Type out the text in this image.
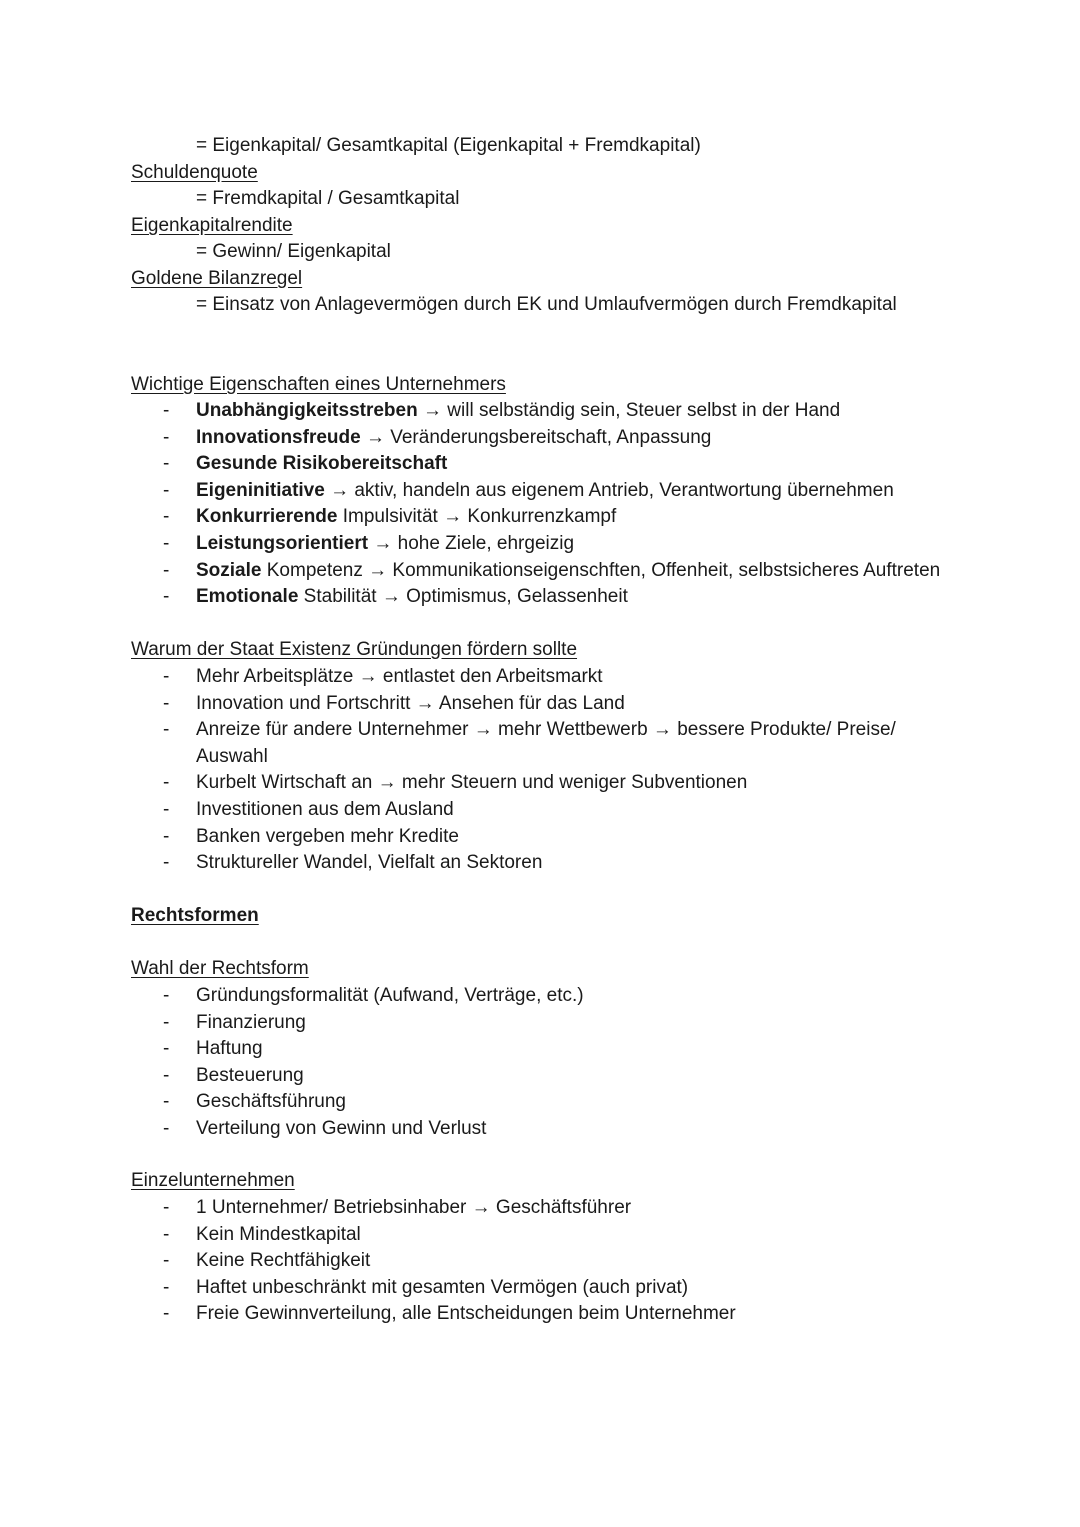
= Eigenkapital/ Gesamtkapital (Eigenkapital + Fremdkapital)
Schuldenquote
= Fremdkapital / Gesamtkapital
Eigenkapitalrendite
= Gewinn/ Eigenkapital
Goldene Bilanzregel
= Einsatz von Anlagevermögen durch EK und Umlaufvermögen durch Fremdkapital
Wichtige Eigenschaften eines Unternehmers
Warum der Staat Existenz Gründungen fördern sollte
Rechtsformen
Wahl der Rechtsform
Einzelunternehmen
- Unabhängigkeitsstreben → will selbständig sein, Steuer selbst in der Hand
- Innovationsfreude → Veränderungsbereitschaft, Anpassung
- Gesunde Risikobereitschaft
- Eigeninitiative → aktiv, handeln aus eigenem Antrieb, Verantwortung übernehmen
- Konkurrierende Impulsivität → Konkurrenzkampf
- Leistungsorientiert → hohe Ziele, ehrgeizig
- Soziale Kompetenz → Kommunikationseigenschften, Offenheit, selbstsicheres Auftreten
- Emotionale Stabilität → Optimismus, Gelassenheit
- Mehr Arbeitsplätze → entlastet den Arbeitsmarkt
- Innovation und Fortschritt → Ansehen für das Land
- Anreize für andere Unternehmer → mehr Wettbewerb → bessere Produkte/ Preise/
Auswahl
- Kurbelt Wirtschaft an → mehr Steuern und weniger Subventionen
- Investitionen aus dem Ausland
- Banken vergeben mehr Kredite
- Struktureller Wandel, Vielfalt an Sektoren
- Gründungsformalität (Aufwand, Verträge, etc.)
- Finanzierung
- Haftung
- Besteuerung
- Geschäftsführung
- Verteilung von Gewinn und Verlust
- 1 Unternehmer/ Betriebsinhaber → Geschäftsführer
- Kein Mindestkapital
- Keine Rechtfähigkeit
- Haftet unbeschränkt mit gesamten Vermögen (auch privat)
- Freie Gewinnverteilung, alle Entscheidungen beim Unternehmer
